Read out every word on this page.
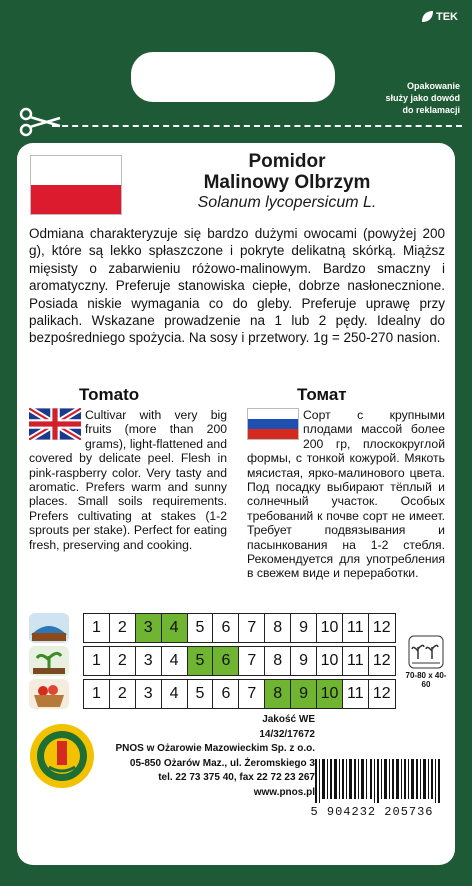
TEK
Opakowanie
służy jako dowód
do reklamacji
Pomidor
Malinowy Olbrzym
Solanum lycopersicum L.
Odmiana charakteryzuje się bardzo dużymi owocami (powyżej 200 g), które są lekko spłaszczone i pokryte delikatną skórką. Miąższ mięsisty o zabarwieniu różowo-malinowym. Bardzo smaczny i aromatyczny. Preferuje stanowiska ciepłe, dobrze nasłonecznione. Posiada niskie wymagania co do gleby. Preferuje uprawę przy palikach. Wskazane prowadzenie na 1 lub 2 pędy. Idealny do bezpośredniego spożycia. Na sosy i przetwory. 1g = 250-270 nasion.
Tomato	Томат
Cultivar with very big fruits (more than 200 grams), light-flattened and covered by delicate peel. Flesh in pink-raspberry color. Very tasty and aromatic. Prefers warm and sunny places. Small soils requirements. Prefers cultivating at stakes (1-2 sprouts per stake). Perfect for eating fresh, preserving and cooking.
Сорт с крупными плодами массой более 200 гр, плоскокруглой формы, с тонкой кожурой. Мякоть мясистая, ярко-малинового цвета. Под посадку выбирают тёплый и солнечный участок. Особых требований к почве сорт не имеет. Требует подвязывания и пасынкования на 1-2 стебля. Рекомендуется для употребления в свежем виде и переработки.
1	2	3	4	5	6	7	8	9 10 11 12
1	2	3	4	5	6	7	8	9 10 11 12
1	2	3	4	5	6	7	8	9 10 11 12
70-80 x 40-60
Jakość WE
14/32/17672
PNOS w Ożarowie Mazowieckim Sp. z o.o.
05-850 Ożarów Maz., ul. Żeromskiego 3
tel. 22 73 375 40, fax 22 72 23 267
www.pnos.pl
5 904232 205736
